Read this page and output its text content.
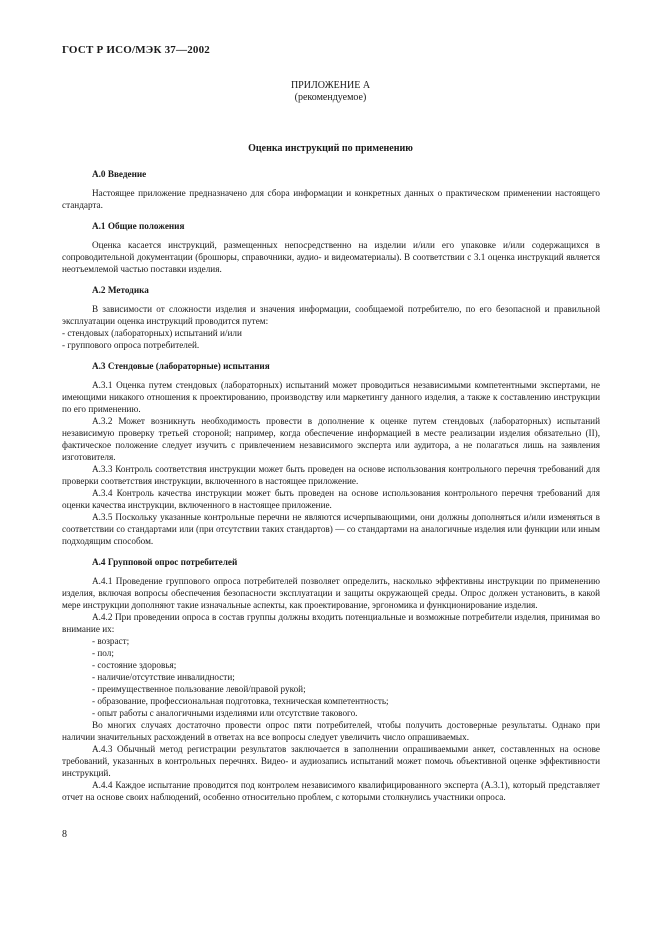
ГОСТ Р ИСО/МЭК 37—2002
ПРИЛОЖЕНИЕ А
(рекомендуемое)
Оценка инструкций по применению
А.0 Введение

Настоящее приложение предназначено для сбора информации и конкретных данных о практическом применении настоящего стандарта.

А.1 Общие положения

Оценка касается инструкций, размещенных непосредственно на изделии и/или его упаковке и/или содержащихся в сопроводительной документации (брошюры, справочники, аудио- и видеоматериалы). В соответствии с 3.1 оценка инструкций является неотъемлемой частью поставки изделия.

А.2 Методика

В зависимости от сложности изделия и значения информации, сообщаемой потребителю, по его безопасной и правильной эксплуатации оценка инструкций проводится путем:

- стендовых (лабораторных) испытаний и/или
- группового опроса потребителей.
А.3 Стендовые (лабораторные) испытания

А.3.1 Оценка путем стендовых (лабораторных) испытаний может проводиться независимыми компетентными экспертами, не имеющими никакого отношения к проектированию, производству или маркетингу данного изделия, а также к составлению инструкции по его применению.

А.3.2 Может возникнуть необходимость провести в дополнение к оценке путем стендовых (лабораторных) испытаний независимую проверку третьей стороной; например, когда обеспечение информацией в месте реализации изделия обязательно (II), фактическое положение следует изучить с привлечением независимого эксперта или аудитора, а не полагаться лишь на заявления изготовителя.

А.3.3 Контроль соответствия инструкции может быть проведен на основе использования контрольного перечня требований для проверки соответствия инструкции, включенного в настоящее приложение.

А.3.4 Контроль качества инструкции может быть проведен на основе использования контрольного перечня требований для оценки качества инструкции, включенного в настоящее приложение.

А.3.5 Поскольку указанные контрольные перечни не являются исчерпывающими, они должны дополняться и/или изменяться в соответствии со стандартами или (при отсутствии таких стандартов) — со стандартами на аналогичные изделия или функции или иным подходящим способом.

А.4 Групповой опрос потребителей

А.4.1 Проведение группового опроса потребителей позволяет определить, насколько эффективны инструкции по применению изделия, включая вопросы обеспечения безопасности эксплуатации и защиты окружающей среды. Опрос должен установить, в какой мере инструкции дополняют такие изначальные аспекты, как проектирование, эргономика и функционирование изделия.

А.4.2 При проведении опроса в состав группы должны входить потенциальные и возможные потребители изделия, принимая во внимание их:

- возраст;
- пол;
- состояние здоровья;
- наличие/отсутствие инвалидности;
- преимущественное пользование левой/правой рукой;
- образование, профессиональная подготовка, техническая компетентность;
- опыт работы с аналогичными изделиями или отсутствие такового.

Во многих случаях достаточно провести опрос пяти потребителей, чтобы получить достоверные результаты. Однако при наличии значительных расхождений в ответах на все вопросы следует увеличить число опрашиваемых.

А.4.3 Обычный метод регистрации результатов заключается в заполнении опрашиваемыми анкет, составленных на основе требований, указанных в контрольных перечнях. Видео- и аудиозапись испытаний может помочь объективной оценке эффективности инструкций.

А.4.4 Каждое испытание проводится под контролем независимого квалифицированного эксперта (А.3.1), который представляет отчет на основе своих наблюдений, особенно относительно проблем, с которыми столкнулись участники опроса.

8
